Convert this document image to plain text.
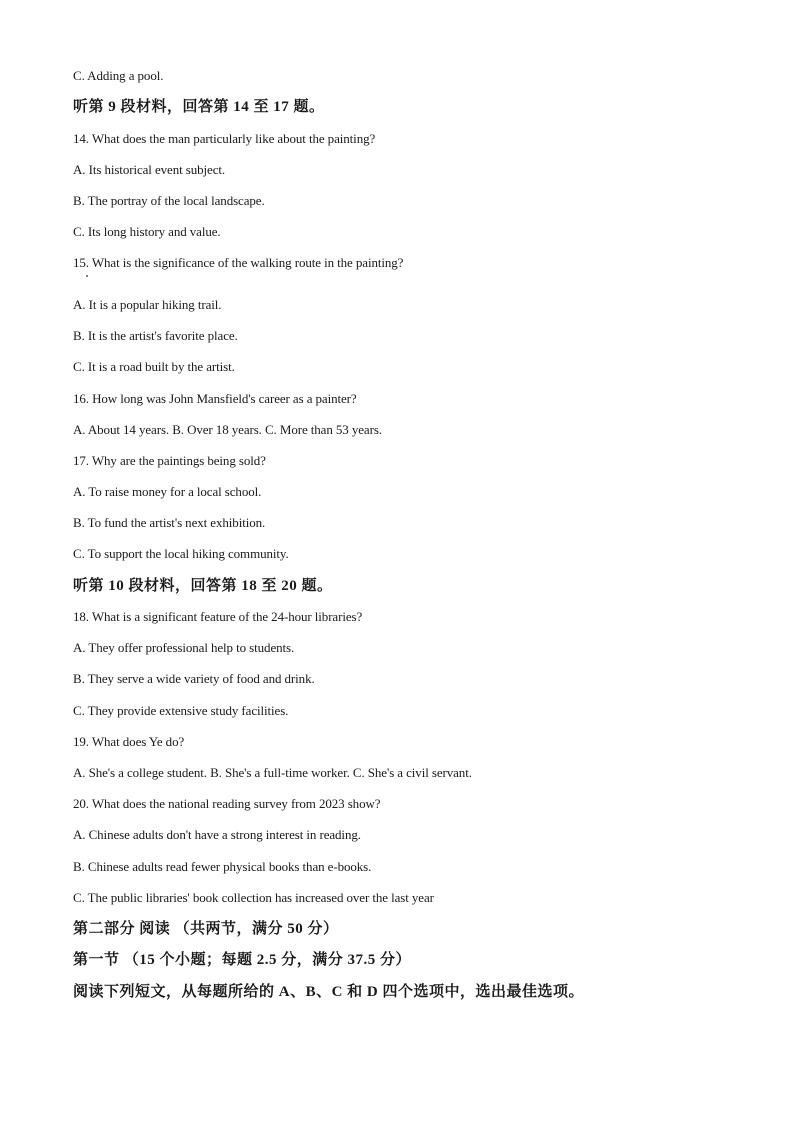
C. Adding a pool.
听第 9 段材料，回答第 14 至 17 题。
14. What does the man particularly like about the painting?
A. Its historical event subject.
B. The portray of the local landscape.
C. Its long history and value.
15. What is the significance of the walking route in the painting?
A. It is a popular hiking trail.
B. It is the artist's favorite place.
C. It is a road built by the artist.
16. How long was John Mansfield's career as a painter?
A. About 14 years. B. Over 18 years. C. More than 53 years.
17. Why are the paintings being sold?
A. To raise money for a local school.
B. To fund the artist's next exhibition.
C. To support the local hiking community.
听第 10 段材料，回答第 18 至 20 题。
18. What is a significant feature of the 24-hour libraries?
A. They offer professional help to students.
B. They serve a wide variety of food and drink.
C. They provide extensive study facilities.
19. What does Ye do?
A. She's a college student. B. She's a full-time worker. C. She's a civil servant.
20. What does the national reading survey from 2023 show?
A. Chinese adults don't have a strong interest in reading.
B. Chinese adults read fewer physical books than e-books.
C. The public libraries' book collection has increased over the last year
第二部分 阅读 （共两节，满分 50 分）
第一节 （15 个小题；每题 2.5 分，满分 37.5 分）
阅读下列短文，从每题所给的 A、B、C 和 D 四个选项中，选出最佳选项。
